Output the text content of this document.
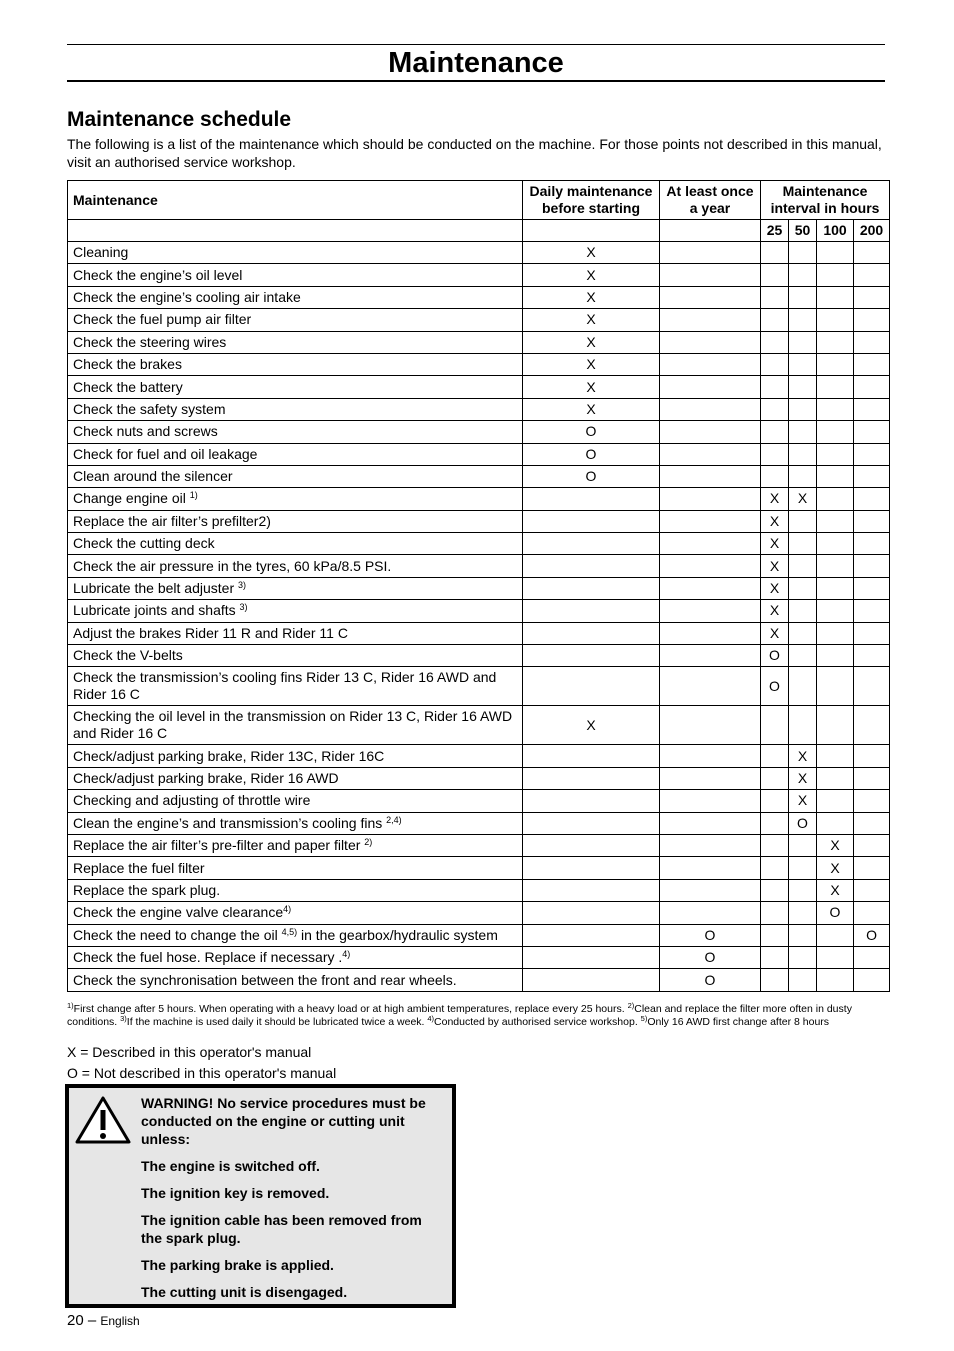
Maintenance
Maintenance schedule
The following is a list of the maintenance which should be conducted on the machine. For those points not described in this manual, visit an authorised service workshop.
Maintenance	Daily maintenance before starting	At least once a year	Maintenance interval in hours			
			25	50	100	200
Cleaning	X					
Check the engine’s oil level	X					
Check the engine’s cooling air intake	X					
Check the fuel pump air filter	X					
Check the steering wires	X					
Check the brakes	X					
Check the battery	X					
Check the safety system	X					
Check nuts and screws	O					
Check for fuel and oil leakage	O					
Clean around the silencer	O					
Change engine oil $^{1)}$			X	X		
Replace the air filter’s prefilter2)			X			
Check the cutting deck			X			
Check the air pressure in the tyres, 60 kPa/8.5 PSI.			X			
Lubricate the belt adjuster $^{3)}$			X			
Lubricate joints and shafts $^{3)}$			X			
Adjust the brakes Rider 11 R and Rider 11 C			X			
Check the V-belts			O			
Check the transmission’s cooling fins Rider 13 C, Rider 16 AWD and Rider 16 C			O			
Checking the oil level in the transmission on Rider 13 C, Rider 16 AWD and Rider 16 C	X					
Check/adjust parking brake, Rider 13C, Rider 16C				X		
Check/adjust parking brake, Rider 16 AWD				X		
Checking and adjusting of throttle wire				X		
Clean the engine’s and transmission’s cooling fins $^{2,4)}$				O		
Replace the air filter’s pre-filter and paper filter $^{2)}$					X	
Replace the fuel filter					X	
Replace the spark plug.					X	
Check the engine valve clearance$^{4)}$					O	
Check the need to change the oil $^{4,5)}$ in the gearbox/hydraulic system		O				O
Check the fuel hose. Replace if necessary .$^{4)}$		O				
Check the synchronisation between the front and rear wheels.		O				
$^{1)}$First change after 5 hours. When operating with a heavy load or at high ambient temperatures, replace every 25 hours. $^{2)}$Clean and replace the filter more often in dusty conditions. $^{3)}$If the machine is used daily it should be lubricated twice a week. $^{4)}$Conducted by authorised service workshop. $^{5)}$Only 16 AWD first change after 8 hours
X = Described in this operator's manual
O = Not described in this operator's manual

WARNING! No service procedures must be conducted on the engine or cutting unit unless:

The engine is switched off.

The ignition key is removed.

The ignition cable has been removed from the spark plug.

The parking brake is applied.

The cutting unit is disengaged.

20 – English
